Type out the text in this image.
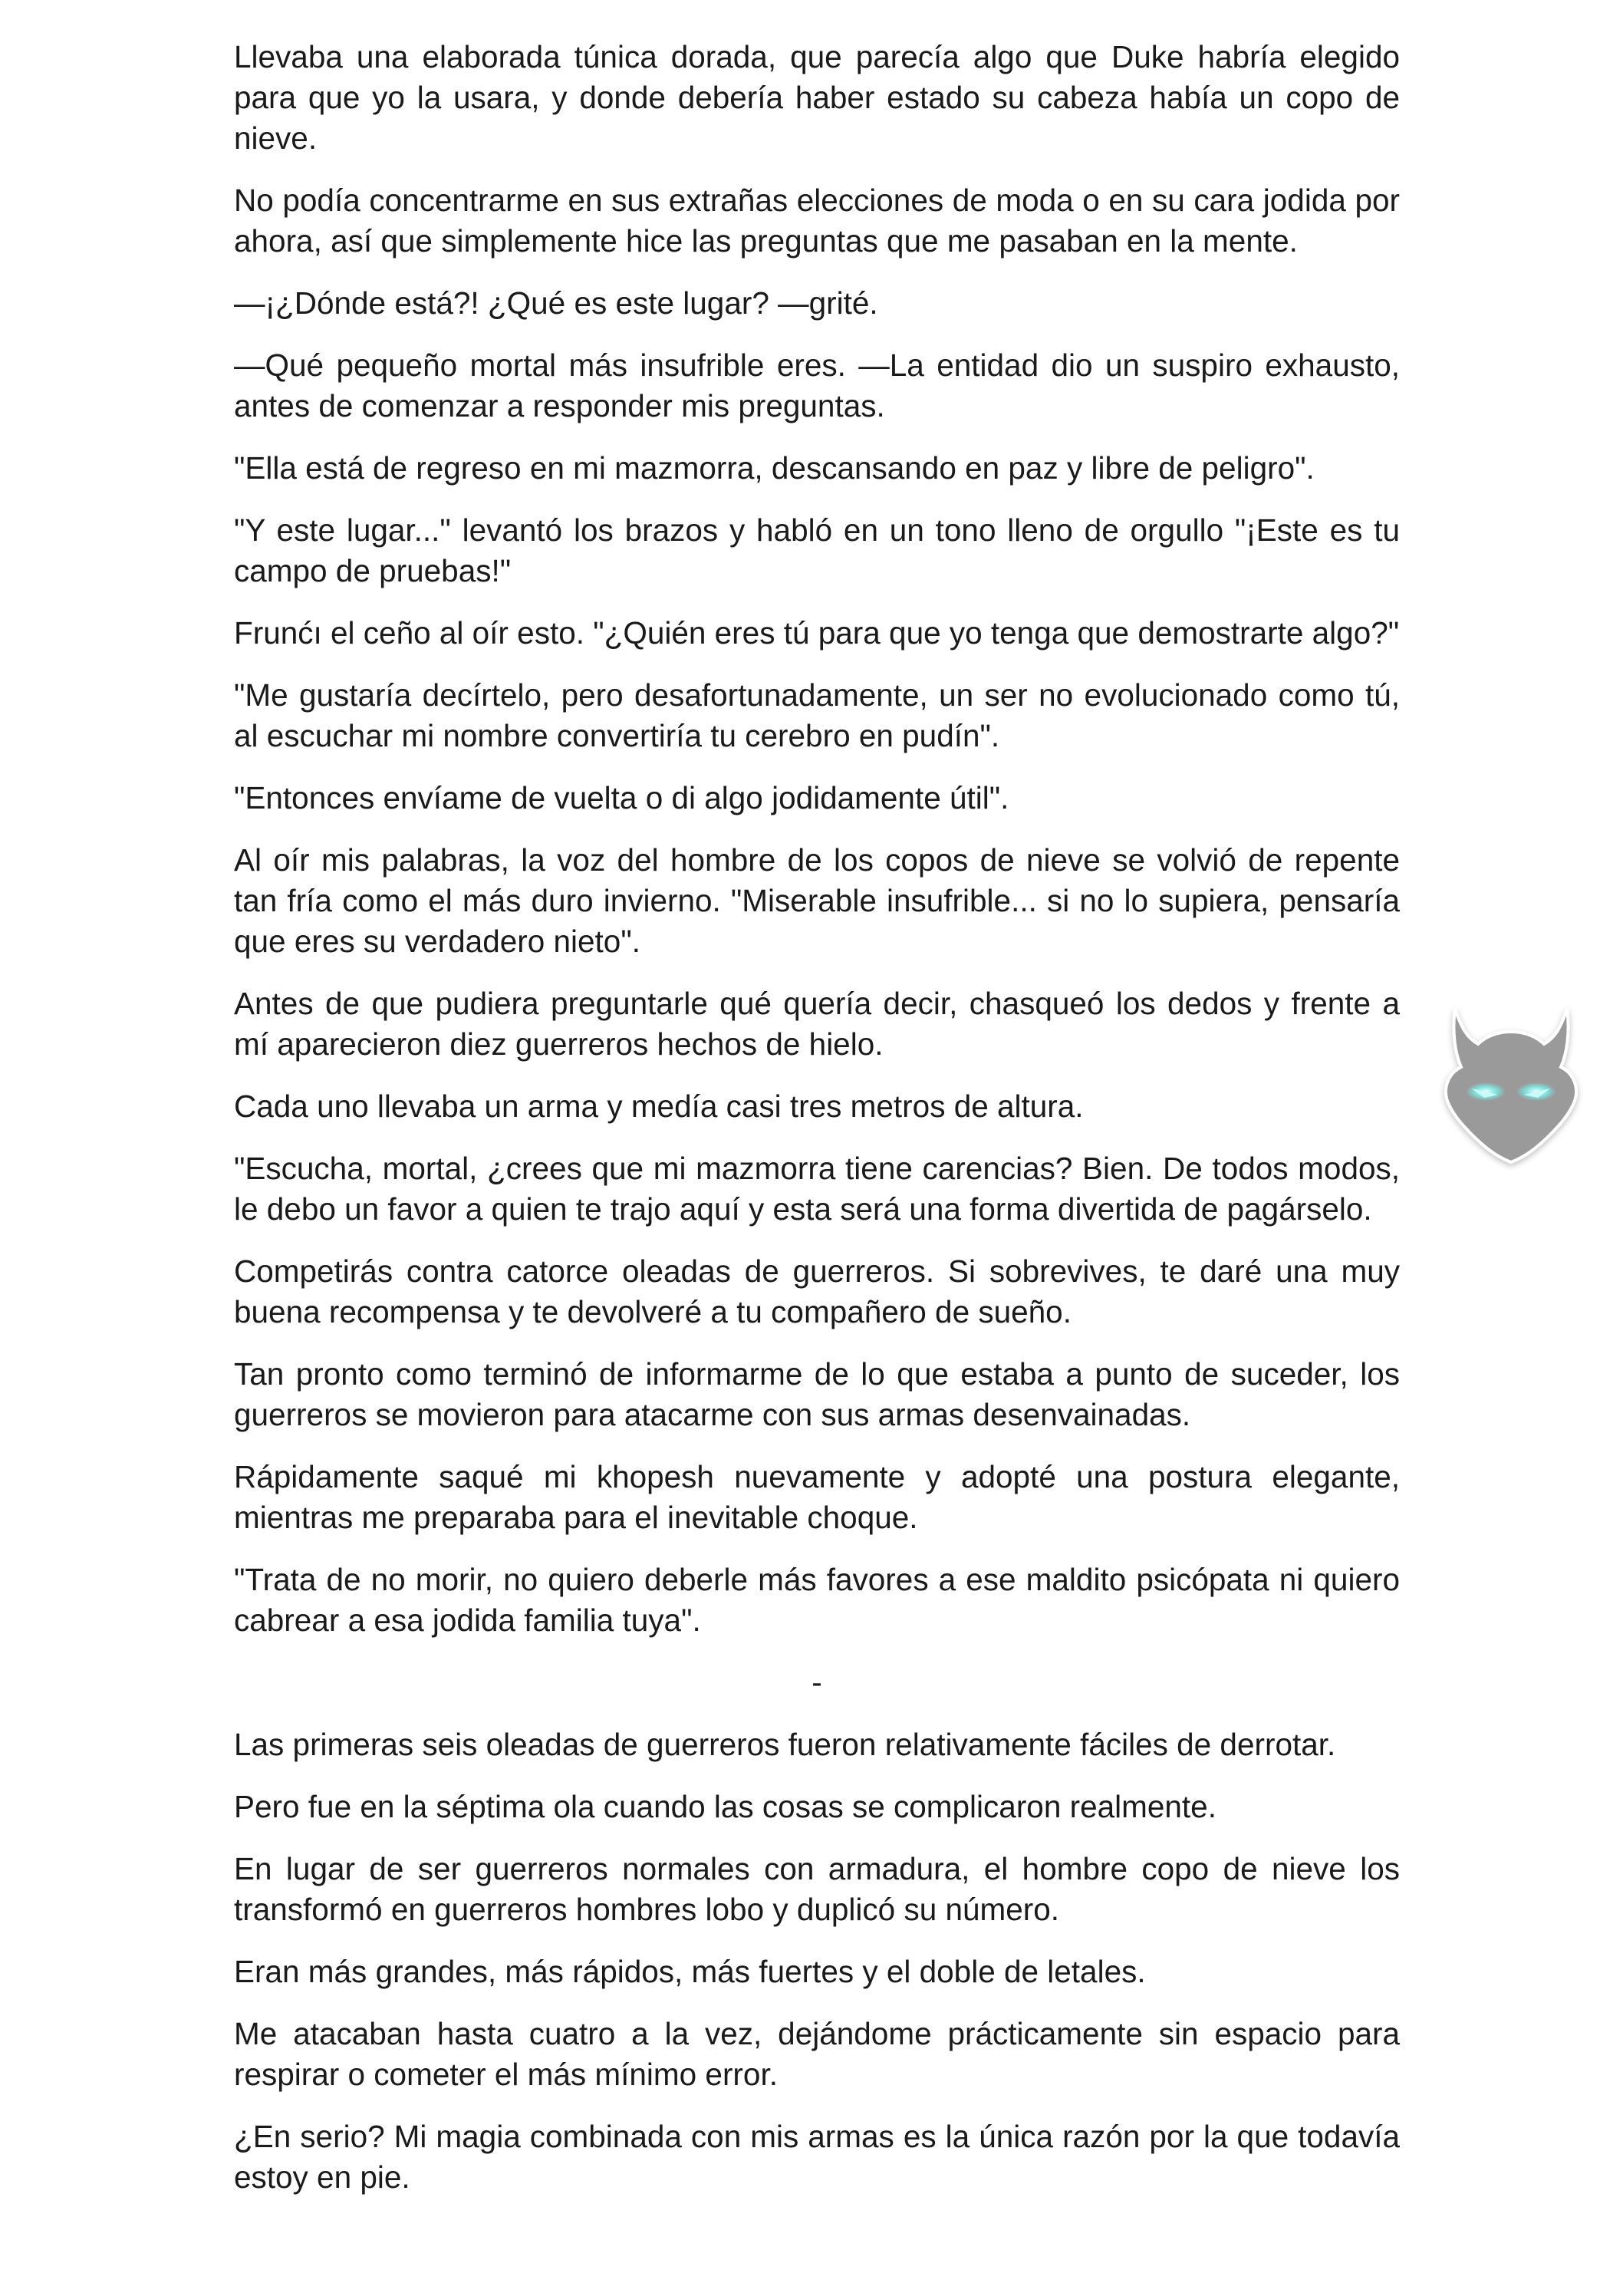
Llevaba una elaborada túnica dorada, que parecía algo que Duke habría elegido para que yo la usara, y donde debería haber estado su cabeza había un copo de nieve.

No podía concentrarme en sus extrañas elecciones de moda o en su cara jodida por ahora, así que simplemente hice las preguntas que me pasaban en la mente.

—¡¿Dónde está?! ¿Qué es este lugar? —grité.

—Qué pequeño mortal más insufrible eres. —La entidad dio un suspiro exhausto, antes de comenzar a responder mis preguntas.

"Ella está de regreso en mi mazmorra, descansando en paz y libre de peligro".

"Y este lugar..." levantó los brazos y habló en un tono lleno de orgullo "¡Este es tu campo de pruebas!"

Frunćı el ceño al oír esto. "¿Quién eres tú para que yo tenga que demostrarte algo?"

"Me gustaría decírtelo, pero desafortunadamente, un ser no evolucionado como tú, al escuchar mi nombre convertiría tu cerebro en pudín".

"Entonces envíame de vuelta o di algo jodidamente útil".

Al oír mis palabras, la voz del hombre de los copos de nieve se volvió de repente tan fría como el más duro invierno. "Miserable insufrible... si no lo supiera, pensaría que eres su verdadero nieto".

Antes de que pudiera preguntarle qué quería decir, chasqueó los dedos y frente a mí aparecieron diez guerreros hechos de hielo.

Cada uno llevaba un arma y medía casi tres metros de altura.

"Escucha, mortal, ¿crees que mi mazmorra tiene carencias? Bien. De todos modos, le debo un favor a quien te trajo aquí y esta será una forma divertida de pagárselo.

Competirás contra catorce oleadas de guerreros. Si sobrevives, te daré una muy buena recompensa y te devolveré a tu compañero de sueño.

Tan pronto como terminó de informarme de lo que estaba a punto de suceder, los guerreros se movieron para atacarme con sus armas desenvainadas.

Rápidamente saqué mi khopesh nuevamente y adopté una postura elegante, mientras me preparaba para el inevitable choque.

"Trata de no morir, no quiero deberle más favores a ese maldito psicópata ni quiero cabrear a esa jodida familia tuya".

-

Las primeras seis oleadas de guerreros fueron relativamente fáciles de derrotar.

Pero fue en la séptima ola cuando las cosas se complicaron realmente.

En lugar de ser guerreros normales con armadura, el hombre copo de nieve los transformó en guerreros hombres lobo y duplicó su número.

Eran más grandes, más rápidos, más fuertes y el doble de letales.

Me atacaban hasta cuatro a la vez, dejándome prácticamente sin espacio para respirar o cometer el más mínimo error.

¿En serio? Mi magia combinada con mis armas es la única razón por la que todavía estoy en pie.
